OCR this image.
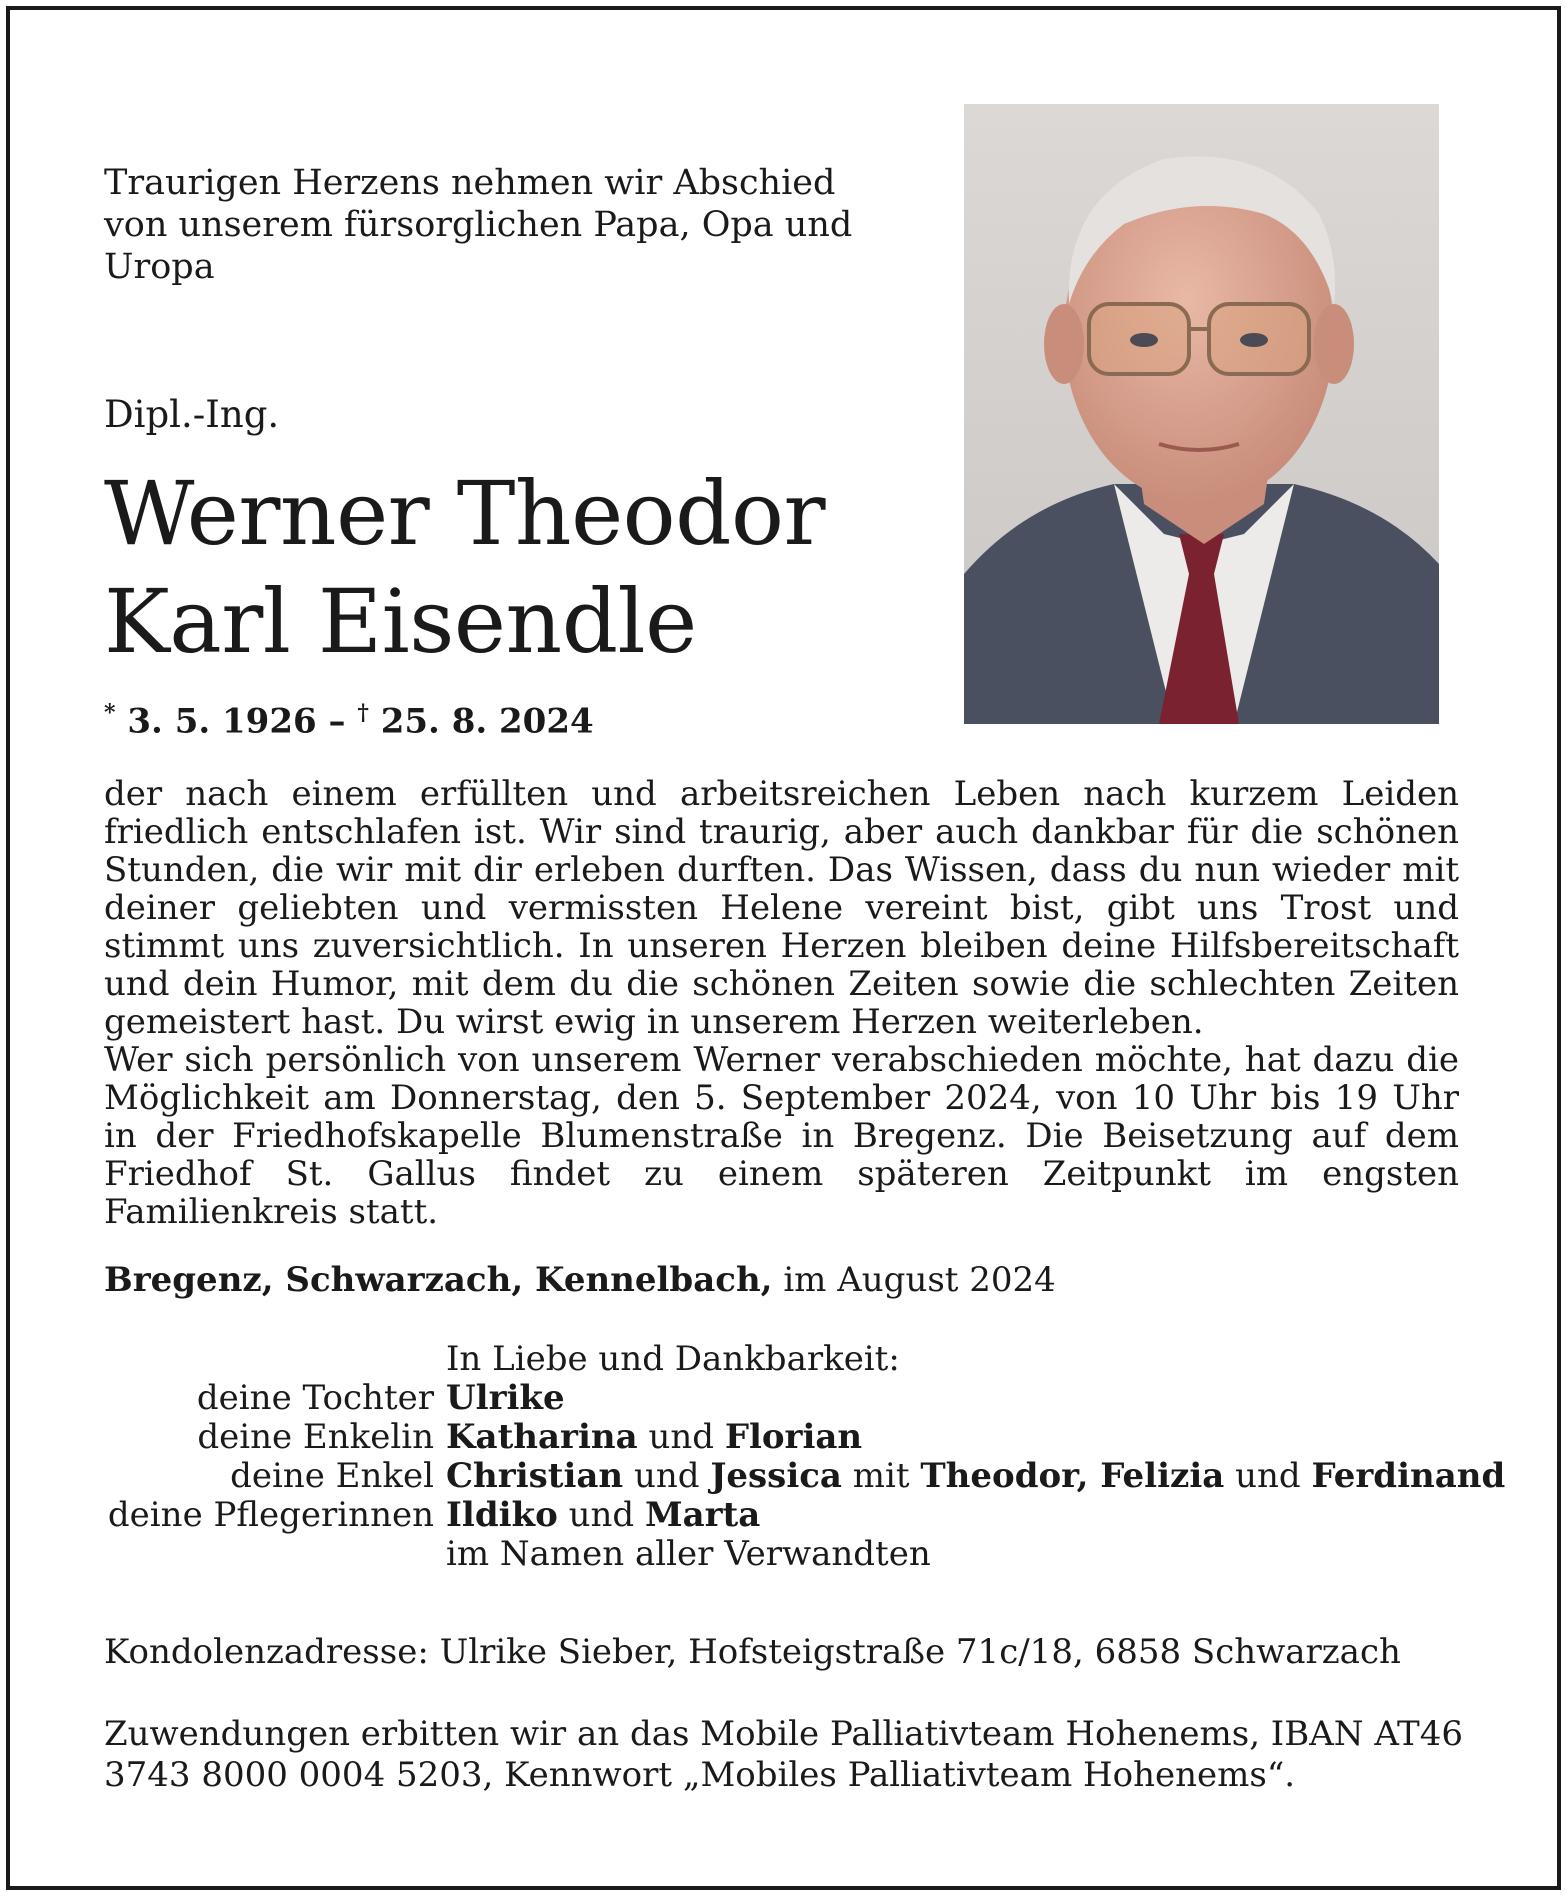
Traurigen Herzens nehmen wir Abschied
von unserem fürsorglichen Papa, Opa und
Uropa
Dipl.-Ing.
Werner Theodor
Karl Eisendle
* 3. 5. 1926 – † 25. 8. 2024

der nach einem erfüllten und arbeitsreichen Leben nach kurzem Leiden friedlich entschlafen ist. Wir sind traurig, aber auch dankbar für die schönen Stunden, die wir mit dir erleben durften. Das Wissen, dass du nun wieder mit deiner geliebten und vermissten Helene vereint bist, gibt uns Trost und stimmt uns zuversichtlich. In unseren Herzen bleiben deine Hilfsbereitschaft und dein Humor, mit dem du die schönen Zeiten sowie die schlechten Zeiten gemeistert hast. Du wirst ewig in unserem Herzen weiterleben.

Wer sich persönlich von unserem Werner verabschieden möchte, hat dazu die Möglichkeit am Donnerstag, den 5. September 2024, von 10 Uhr bis 19 Uhr in der Friedhofskapelle Blumenstraße in Bregenz. Die Beisetzung auf dem Friedhof St. Gallus findet zu einem späteren Zeitpunkt im engsten Familienkreis statt.

Bregenz, Schwarzach, Kennelbach, im August 2024
In Liebe und Dankbarkeit:
deine Tochter Ulrike
deine Enkelin Katharina und Florian
deine Enkel Christian und Jessica mit Theodor, Felizia und Ferdinand
deine Pflegerinnen Ildiko und Marta
im Namen aller Verwandten
Kondolenzadresse: Ulrike Sieber, Hofsteigstraße 71c/18, 6858 Schwarzach
Zuwendungen erbitten wir an das Mobile Palliativteam Hohenems, IBAN AT46
3743 8000 0004 5203, Kennwort „Mobiles Palliativteam Hohenems“.
